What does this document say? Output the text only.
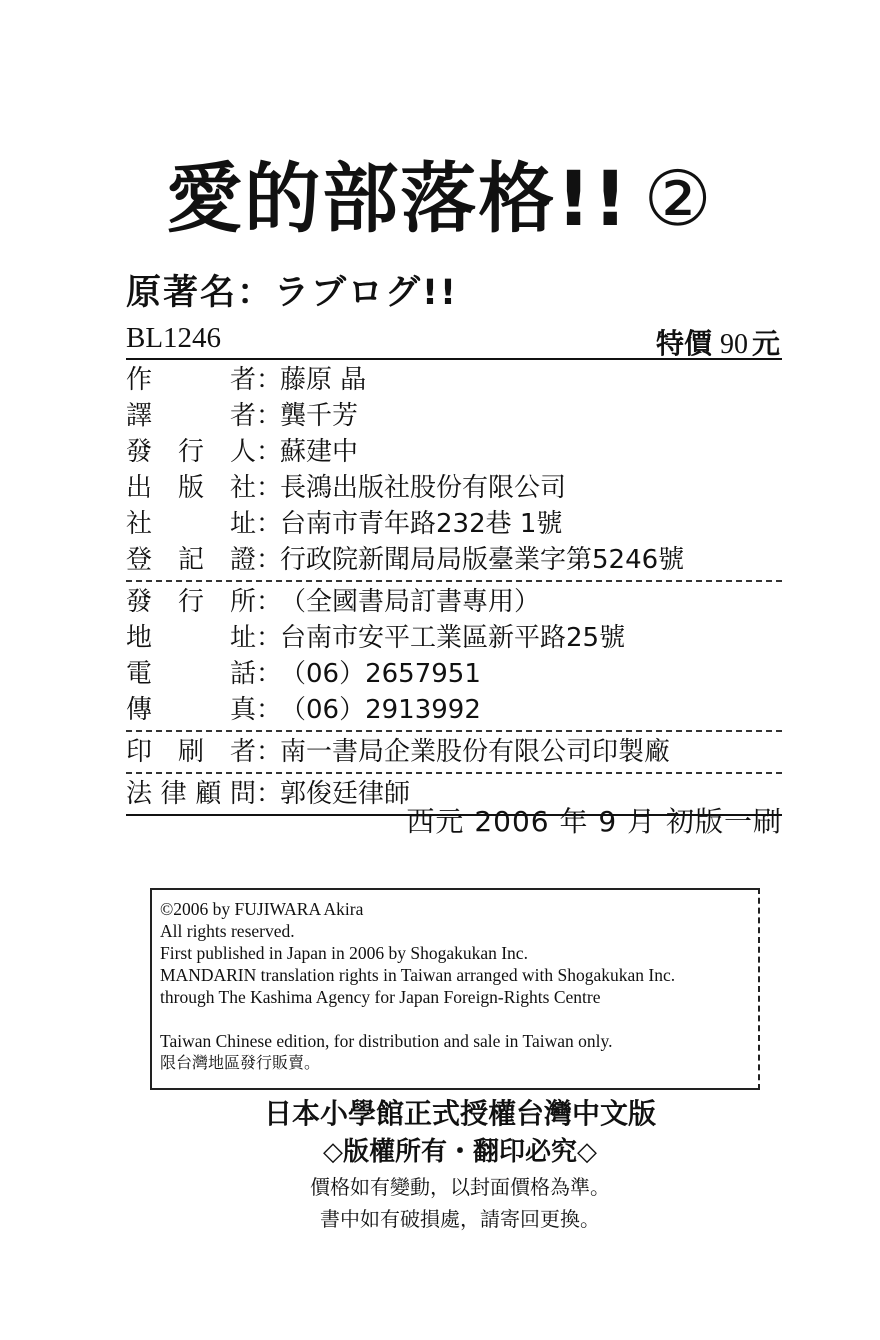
愛的部落格!! ②
原著名：ラブログ!!
BL1246	特價 90 元
作者：藤原 晶
譯者：龔千芳
發行人：蘇建中
出版社：長鴻出版社股份有限公司
社址：台南市青年路232巷 1號
登記證：行政院新聞局局版臺業字第5246號
發行所：（全國書局訂書專用）
地址：台南市安平工業區新平路25號
電話：（06）2657951
傳真：（06）2913992
印刷者：南一書局企業股份有限公司印製廠
法律顧問：郭俊廷律師
西元 2006 年 9 月 初版一刷
©2006 by FUJIWARA Akira
All rights reserved.
First published in Japan in 2006 by Shogakukan Inc.
MANDARIN translation rights in Taiwan arranged with Shogakukan Inc.
through The Kashima Agency for Japan Foreign-Rights Centre
Taiwan Chinese edition, for distribution and sale in Taiwan only.
限台灣地區發行販賣。
日本小學館正式授權台灣中文版
◇版權所有・翻印必究◇
價格如有變動，以封面價格為準。
書中如有破損處，請寄回更換。
